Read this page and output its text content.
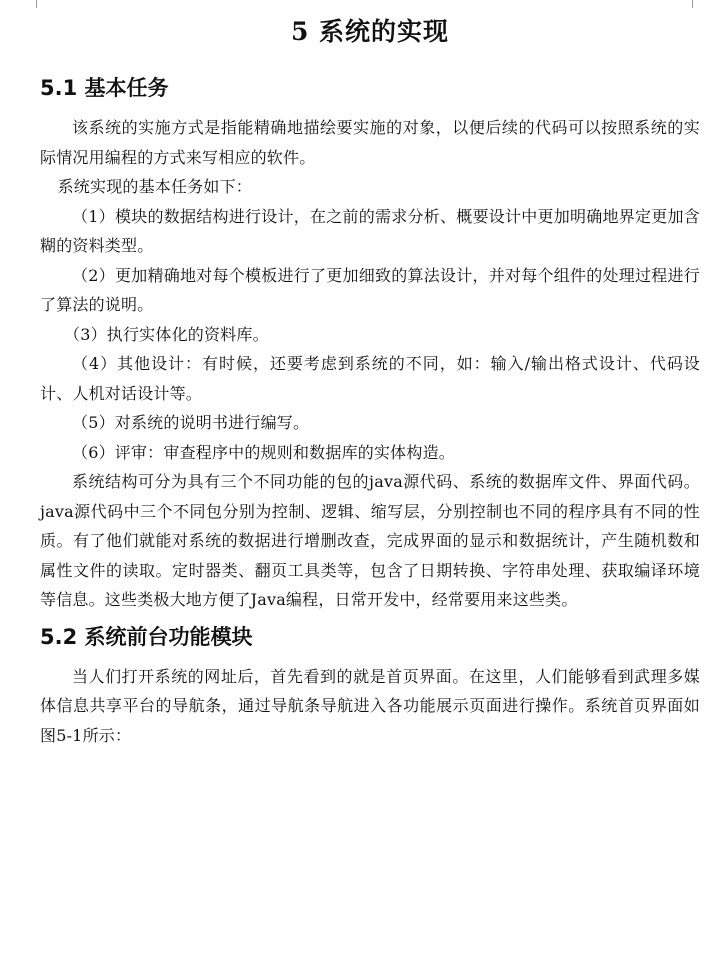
5 系统的实现
5.1 基本任务

该系统的实施方式是指能精确地描绘要实施的对象，以便后续的代码可以按照系统的实际情况用编程的方式来写相应的软件。

系统实现的基本任务如下：

（1）模块的数据结构进行设计，在之前的需求分析、概要设计中更加明确地界定更加含糊的资料类型。

（2）更加精确地对每个模板进行了更加细致的算法设计，并对每个组件的处理过程进行了算法的说明。

（3）执行实体化的资料库。

（4）其他设计：有时候，还要考虑到系统的不同，如：输入/输出格式设计、代码设计、人机对话设计等。

（5）对系统的说明书进行编写。

（6）评审：审查程序中的规则和数据库的实体构造。

系统结构可分为具有三个不同功能的包的java源代码、系统的数据库文件、界面代码。java源代码中三个不同包分别为控制、逻辑、缩写层，分别控制也不同的程序具有不同的性质。有了他们就能对系统的数据进行增删改查，完成界面的显示和数据统计，产生随机数和属性文件的读取。定时器类、翻页工具类等，包含了日期转换、字符串处理、获取编译环境等信息。这些类极大地方便了Java编程，日常开发中，经常要用来这些类。

5.2 系统前台功能模块

当人们打开系统的网址后，首先看到的就是首页界面。在这里，人们能够看到武理多媒体信息共享平台的导航条，通过导航条导航进入各功能展示页面进行操作。系统首页界面如图5-1所示：
